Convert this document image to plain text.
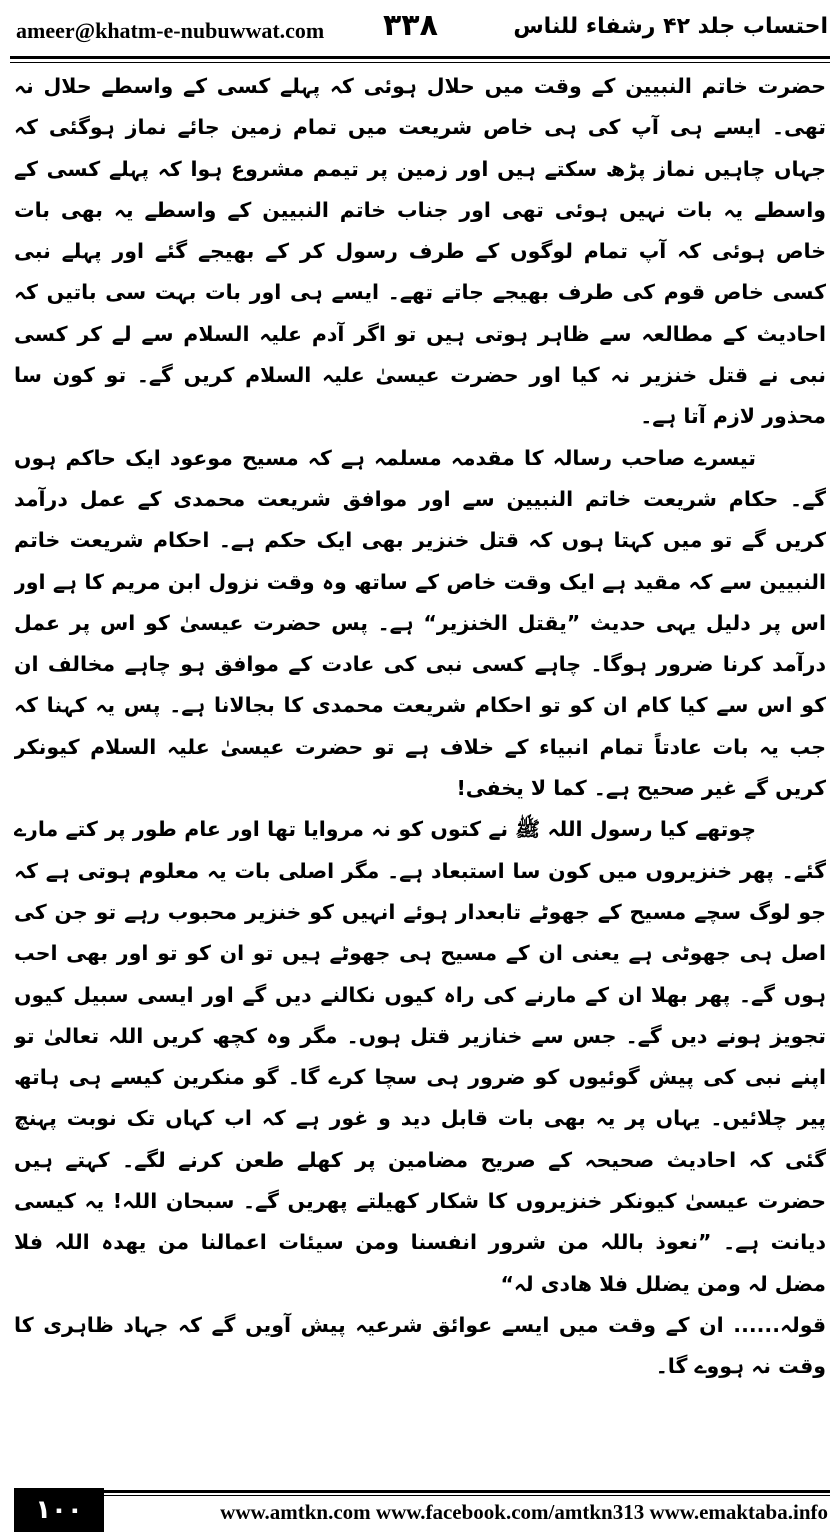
ameer@khatm-e-nubuwwat.com ۳۳۸	احتساب جلد ۴۲ رشفاء للناس

حضرت خاتم النبیین کے وقت میں حلال ہوئی کہ پہلے کسی کے واسطے حلال نہ تھی۔ ایسے ہی آپ کی ہی خاص شریعت میں تمام زمین جائے نماز ہوگئی کہ جہاں چاہیں نماز پڑھ سکتے ہیں اور زمین پر تیمم مشروع ہوا کہ پہلے کسی کے واسطے یہ بات نہیں ہوئی تھی اور جناب خاتم النبیین کے واسطے یہ بھی بات خاص ہوئی کہ آپ تمام لوگوں کے طرف رسول کر کے بھیجے گئے اور پہلے نبی کسی خاص قوم کی طرف بھیجے جاتے تھے۔ ایسے ہی اور بات بہت سی باتیں کہ احادیث کے مطالعہ سے ظاہر ہوتی ہیں تو اگر آدم علیہ السلام سے لے کر کسی نبی نے قتل خنزیر نہ کیا اور حضرت عیسیٰ علیہ السلام کریں گے۔ تو کون سا محذور لازم آتا ہے۔

تیسرے صاحب رسالہ کا مقدمہ مسلمہ ہے کہ مسیح موعود ایک حاکم ہوں گے۔ حکام شریعت خاتم النبیین سے اور موافق شریعت محمدی کے عمل درآمد کریں گے تو میں کہتا ہوں کہ قتل خنزیر بھی ایک حکم ہے۔ احکام شریعت خاتم النبیین سے کہ مقید ہے ایک وقت خاص کے ساتھ وہ وقت نزول ابن مریم کا ہے اور اس پر دلیل یہی حدیث ”یقتل الخنزیر“ ہے۔ پس حضرت عیسیٰ کو اس پر عمل درآمد کرنا ضرور ہوگا۔ چاہے کسی نبی کی عادت کے موافق ہو چاہے مخالف ان کو اس سے کیا کام ان کو تو احکام شریعت محمدی کا بجالانا ہے۔ پس یہ کہنا کہ جب یہ بات عادتاً تمام انبیاء کے خلاف ہے تو حضرت عیسیٰ علیہ السلام کیونکر کریں گے غیر صحیح ہے۔ کما لا یخفی!

چوتھے کیا رسول اللہ ﷺ نے کتوں کو نہ مروایا تھا اور عام طور پر کتے مارے گئے۔ پھر خنزیروں میں کون سا استبعاد ہے۔ مگر اصلی بات یہ معلوم ہوتی ہے کہ جو لوگ سچے مسیح کے جھوٹے تابعدار ہوئے انہیں کو خنزیر محبوب رہے تو جن کی اصل ہی جھوٹی ہے یعنی ان کے مسیح ہی جھوٹے ہیں تو ان کو تو اور بھی احب ہوں گے۔ پھر بھلا ان کے مارنے کی راہ کیوں نکالنے دیں گے اور ایسی سبیل کیوں تجویز ہونے دیں گے۔ جس سے خنازیر قتل ہوں۔ مگر وہ کچھ کریں اللہ تعالیٰ تو اپنے نبی کی پیش گوئیوں کو ضرور ہی سچا کرے گا۔ گو منکرین کیسے ہی ہاتھ پیر چلائیں۔ یہاں پر یہ بھی بات قابل دید و غور ہے کہ اب کہاں تک نوبت پہنچ گئی کہ احادیث صحیحہ کے صریح مضامین پر کھلے طعن کرنے لگے۔ کہتے ہیں حضرت عیسیٰ کیونکر خنزیروں کا شکار کھیلتے پھریں گے۔ سبحان اللہ! یہ کیسی دیانت ہے۔ ”نعوذ باللہ من شرور انفسنا ومن سیئات اعمالنا من یھدہ اللہ فلا مضل لہ ومن یضلل فلا ھادی لہ“

قولہ...... ان کے وقت میں ایسے عوائق شرعیہ پیش آویں گے کہ جہاد ظاہری کا وقت نہ ہووے گا۔

۱۰۰	www.amtkn.com www.facebook.com/amtkn313 www.emaktaba.info
